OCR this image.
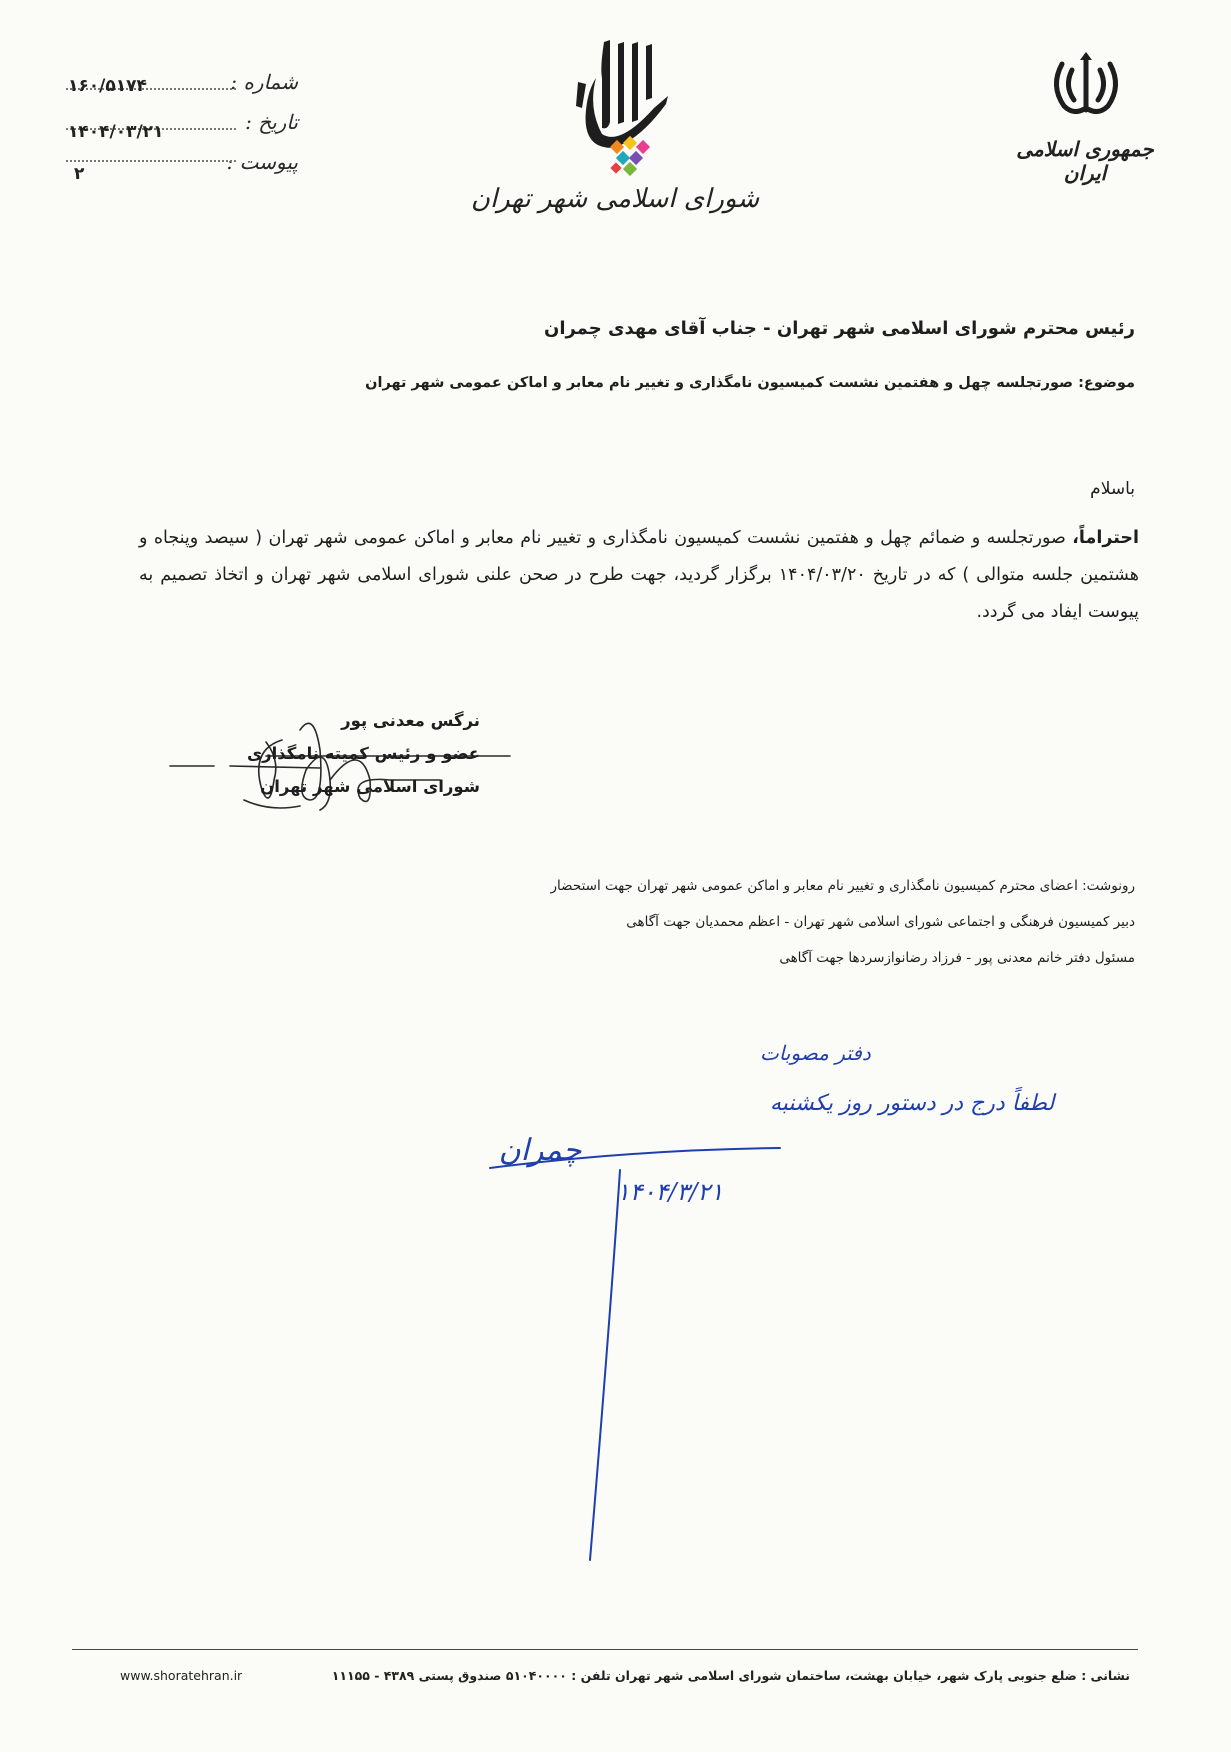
شماره :
۱۶۰/۵۱۷۴
تاریخ :
۱۴۰۴/۰۳/۲۱
پیوست :
۲
شورای اسلامی شهر تهران
جمهوری اسلامی ایران
رئیس محترم شورای اسلامی شهر تهران - جناب آقای مهدی چمران
موضوع: صورتجلسه چهل و هفتمین نشست کمیسیون نامگذاری و تغییر نام معابر و اماکن عمومی شهر تهران
باسلام
احتراماً، صورتجلسه و ضمائم چهل و هفتمین نشست کمیسیون نامگذاری و تغییر نام معابر و اماکن عمومی شهر تهران ( سیصد وپنجاه و هشتمین جلسه متوالی ) که در تاریخ ۱۴۰۴/۰۳/۲۰ برگزار گردید، جهت طرح در صحن علنی شورای اسلامی شهر تهران و اتخاذ تصمیم به پیوست ایفاد می گردد.
نرگس معدنی پور
عضو و رئیس کمیته نامگذاری
شورای اسلامی شهر تهران
رونوشت: اعضای محترم کمیسیون نامگذاری و تغییر نام معابر و اماکن عمومی شهر تهران جهت استحضار
دبیر کمیسیون فرهنگی و اجتماعی شورای اسلامی شهر تهران - اعظم محمدیان جهت آگاهی
مسئول دفتر خانم معدنی پور - فرزاد رضانوازسردها جهت آگاهی
دفتر مصوبات
لطفاً درج در دستور روز یکشنبه
چمران
۱۴۰۴/۳/۲۱
نشانی : ضلع جنوبی پارک شهر، خیابان بهشت، ساختمان شورای اسلامی شهر تهران تلفن : ۵۱۰۴۰۰۰۰ صندوق پستی ۴۳۸۹ - ۱۱۱۵۵
www.shoratehran.ir
